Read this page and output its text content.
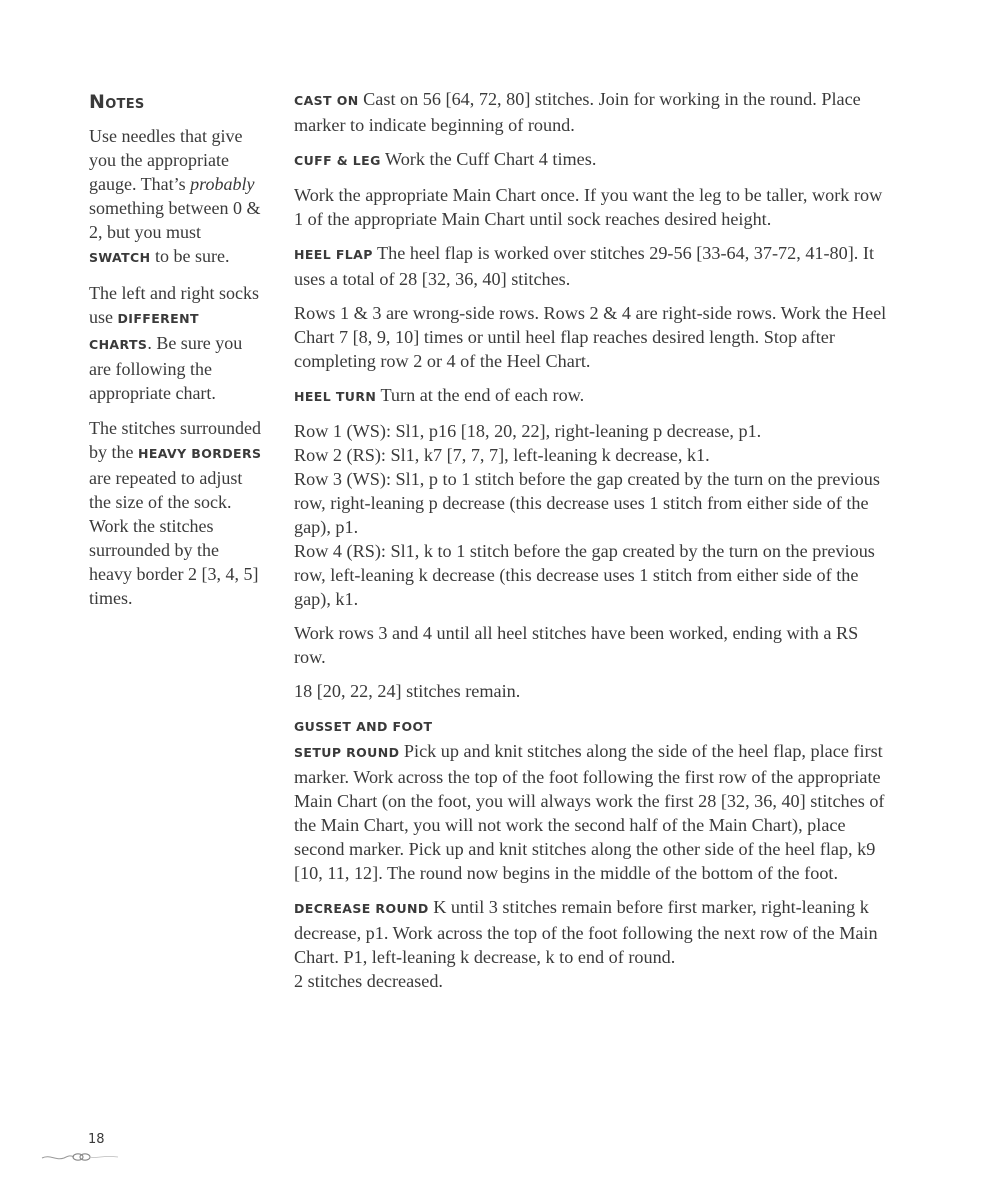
Notes

Use needles that give you the appropriate gauge. That’s probably something between 0 & 2, but you must SWATCH to be sure.

The left and right socks use DIFFERENT CHARTS. Be sure you are following the appropriate chart.

The stitches surrounded by the HEAVY BORDERS are repeated to adjust the size of the sock. Work the stitches surrounded by the heavy border 2 [3, 4, 5] times.

CAST ON Cast on 56 [64, 72, 80] stitches. Join for working in the round. Place marker to indicate beginning of round.

CUFF & LEG Work the Cuff Chart 4 times.

Work the appropriate Main Chart once. If you want the leg to be taller, work row 1 of the appropriate Main Chart until sock reaches desired height.

HEEL FLAP The heel flap is worked over stitches 29-56 [33-64, 37-72, 41-80]. It uses a total of 28 [32, 36, 40] stitches.

Rows 1 & 3 are wrong-side rows. Rows 2 & 4 are right-side rows. Work the Heel Chart 7 [8, 9, 10] times or until heel flap reaches desired length. Stop after completing row 2 or 4 of the Heel Chart.

HEEL TURN Turn at the end of each row.

Row 1 (WS): Sl1, p16 [18, 20, 22], right-leaning p decrease, p1.
Row 2 (RS): Sl1, k7 [7, 7, 7], left-leaning k decrease, k1.
Row 3 (WS): Sl1, p to 1 stitch before the gap created by the turn on the previous row, right-leaning p decrease (this decrease uses 1 stitch from either side of the gap), p1.
Row 4 (RS): Sl1, k to 1 stitch before the gap created by the turn on the previous row, left-leaning k decrease (this decrease uses 1 stitch from either side of the gap), k1.

Work rows 3 and 4 until all heel stitches have been worked, ending with a RS row.

18 [20, 22, 24] stitches remain.

GUSSET AND FOOT

SETUP ROUND Pick up and knit stitches along the side of the heel flap, place first marker. Work across the top of the foot following the first row of the appropriate Main Chart (on the foot, you will always work the first 28 [32, 36, 40] stitches of the Main Chart, you will not work the second half of the Main Chart), place second marker. Pick up and knit stitches along the other side of the heel flap, k9 [10, 11, 12]. The round now begins in the middle of the bottom of the foot.

DECREASE ROUND K until 3 stitches remain before first marker, right-leaning k decrease, p1. Work across the top of the foot following the next row of the Main Chart. P1, left-leaning k decrease, k to end of round.

2 stitches decreased.

18
